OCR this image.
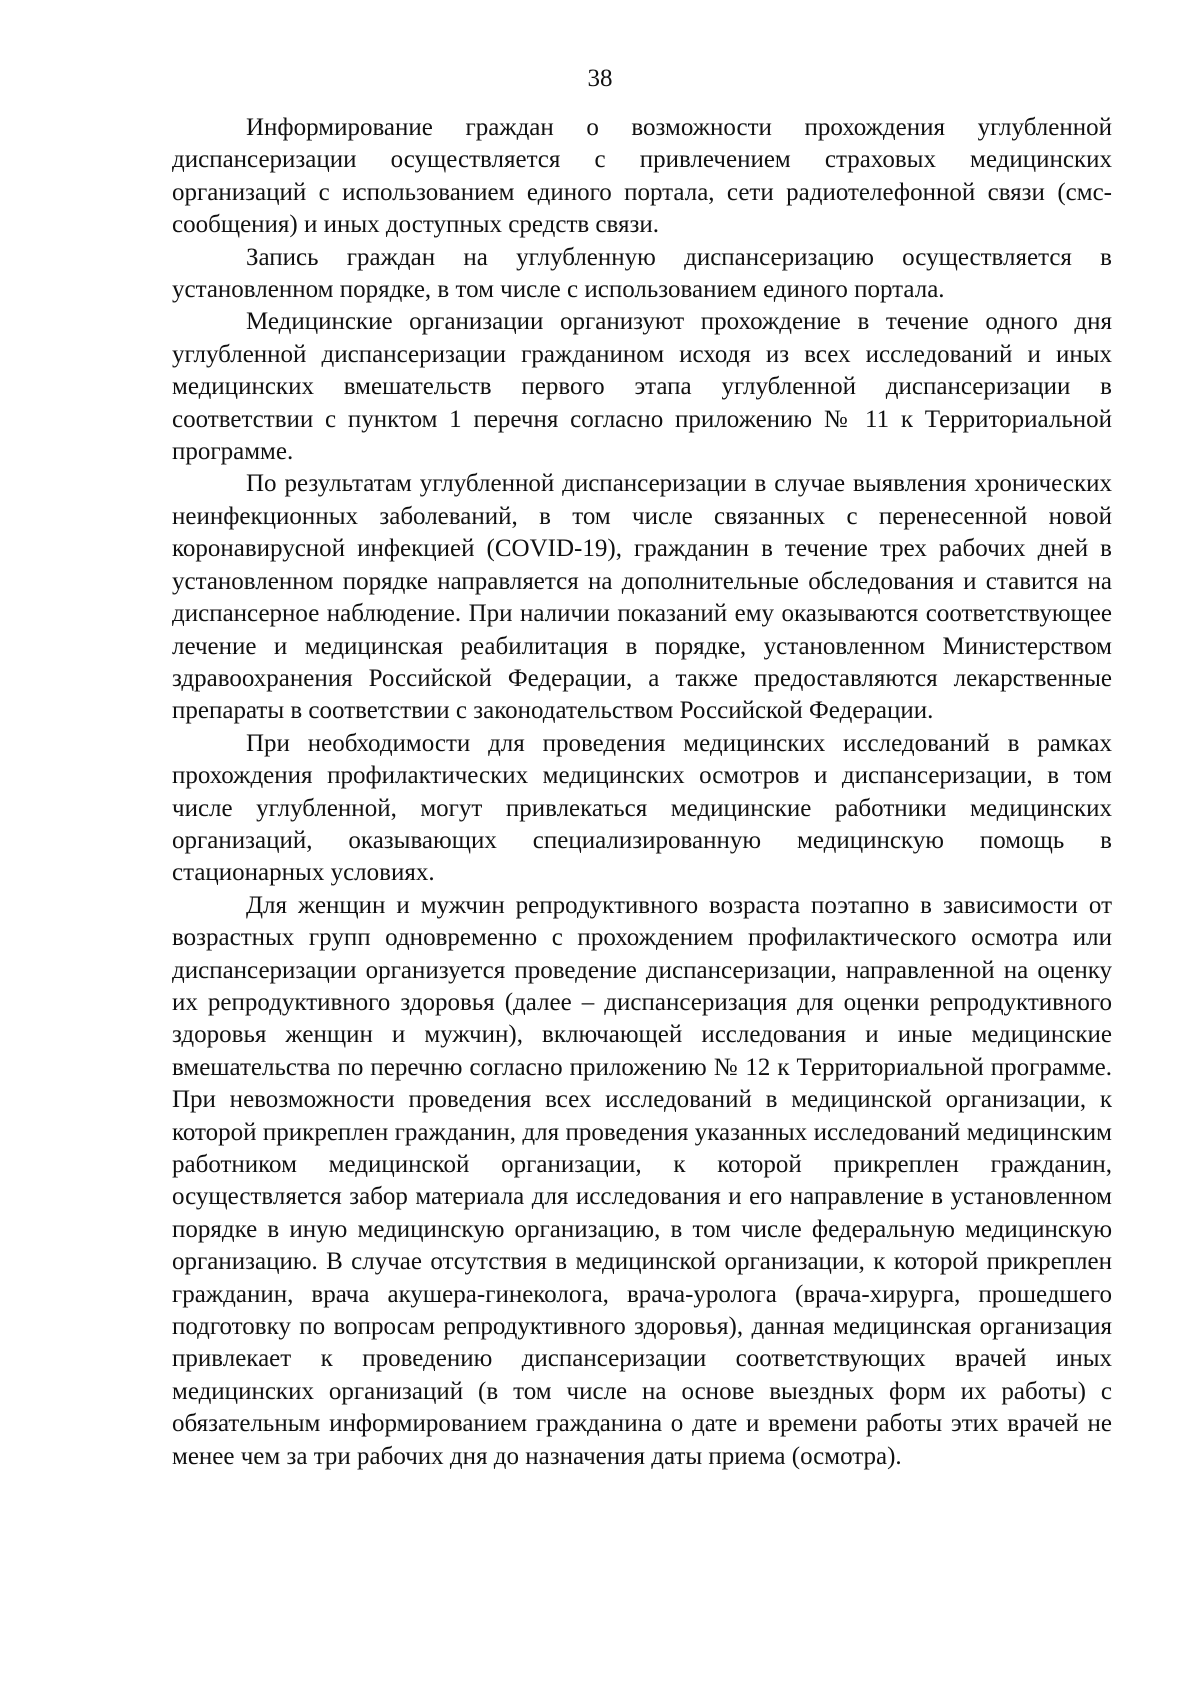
38

Информирование граждан о возможности прохождения углубленной диспансеризации осуществляется с привлечением страховых медицинских организаций с использованием единого портала, сети радиотелефонной связи (смс-сообщения) и иных доступных средств связи.

Запись граждан на углубленную диспансеризацию осуществляется в установленном порядке, в том числе с использованием единого портала.

Медицинские организации организуют прохождение в течение одного дня углубленной диспансеризации гражданином исходя из всех исследований и иных медицинских вмешательств первого этапа углубленной диспансеризации в соответствии с пунктом 1 перечня согласно приложению № 11 к Территориальной программе.

По результатам углубленной диспансеризации в случае выявления хронических неинфекционных заболеваний, в том числе связанных с перенесенной новой коронавирусной инфекцией (COVID-19), гражданин в течение трех рабочих дней в установленном порядке направляется на дополнительные обследования и ставится на диспансерное наблюдение. При наличии показаний ему оказываются соответствующее лечение и медицинская реабилитация в порядке, установленном Министерством здравоохранения Российской Федерации, а также предоставляются лекарственные препараты в соответствии с законодательством Российской Федерации.

При необходимости для проведения медицинских исследований в рамках прохождения профилактических медицинских осмотров и диспансеризации, в том числе углубленной, могут привлекаться медицинские работники медицинских организаций, оказывающих специализированную медицинскую помощь в стационарных условиях.

Для женщин и мужчин репродуктивного возраста поэтапно в зависимости от возрастных групп одновременно с прохождением профилактического осмотра или диспансеризации организуется проведение диспансеризации, направленной на оценку их репродуктивного здоровья (далее – диспансеризация для оценки репродуктивного здоровья женщин и мужчин), включающей исследования и иные медицинские вмешательства по перечню согласно приложению № 12 к Территориальной программе. При невозможности проведения всех исследований в медицинской организации, к которой прикреплен гражданин, для проведения указанных исследований медицинским работником медицинской организации, к которой прикреплен гражданин, осуществляется забор материала для исследования и его направление в установленном порядке в иную медицинскую организацию, в том числе федеральную медицинскую организацию. В случае отсутствия в медицинской организации, к которой прикреплен гражданин, врача акушера-гинеколога, врача-уролога (врача-хирурга, прошедшего подготовку по вопросам репродуктивного здоровья), данная медицинская организация привлекает к проведению диспансеризации соответствующих врачей иных медицинских организаций (в том числе на основе выездных форм их работы) с обязательным информированием гражданина о дате и времени работы этих врачей не менее чем за три рабочих дня до назначения даты приема (осмотра).
